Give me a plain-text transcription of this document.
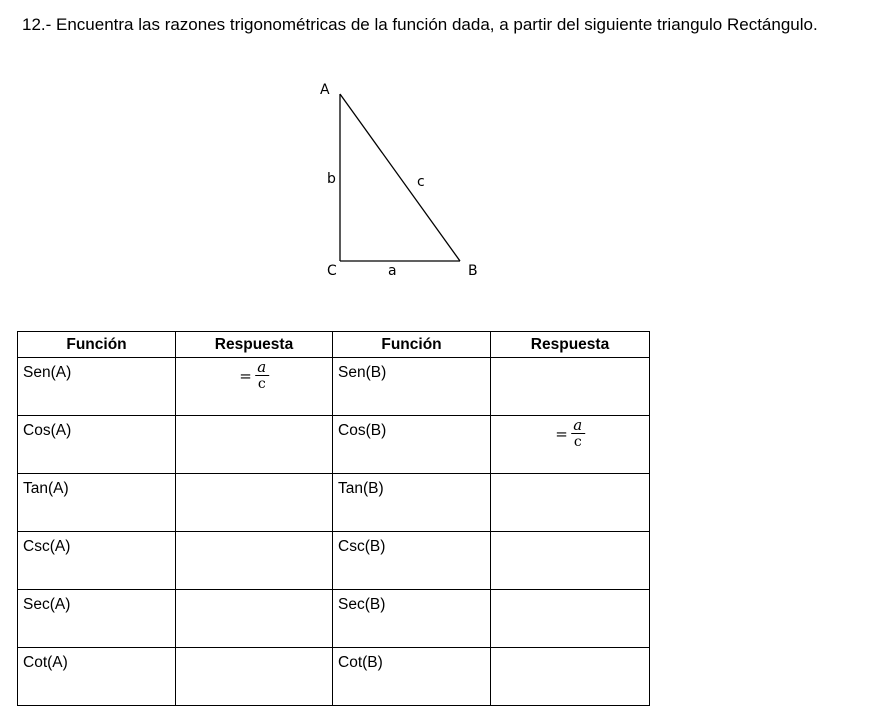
12.- Encuentra las razones trigonométricas de la función dada, a partir del siguiente triangulo Rectángulo.

A
b	c
C	a	B
Función	Respuesta	Función	Respuesta
Sen(A)	= $\frac{a}{c}$	Sen(B)	
Cos(A)		Cos(B)	= $\frac{a}{c}$

Tan(A)		Tan(B)	
Csc(A)		Csc(B)	
Sec(A)		Sec(B)	
Cot(A)		Cot(B)	
